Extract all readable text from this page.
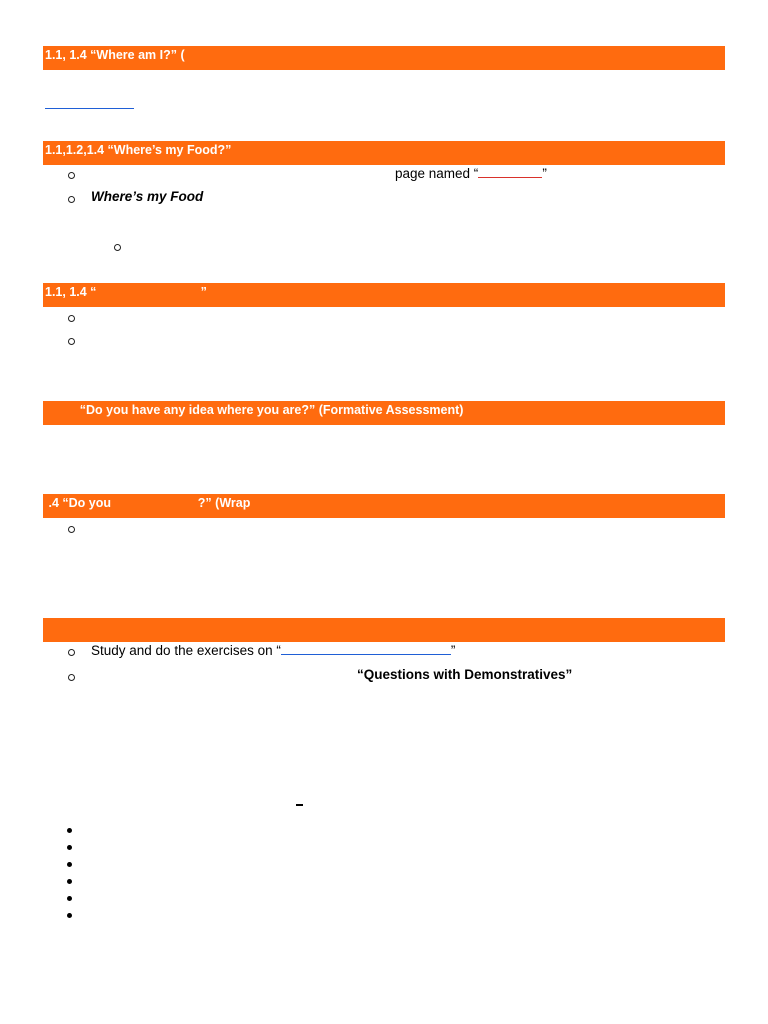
1.1, 1.4 “Where am I?” (
1.1,1.2,1.4 “Where’s my Food?”
page named “	”
Where’s my Food
1.1, 1.4 “                              ”
“Do you have any idea where you are?” (Formative Assessment)
.4 “Do you                         ?” (Wrap
Study and do the exercises on “	”
“Questions with Demonstratives”
